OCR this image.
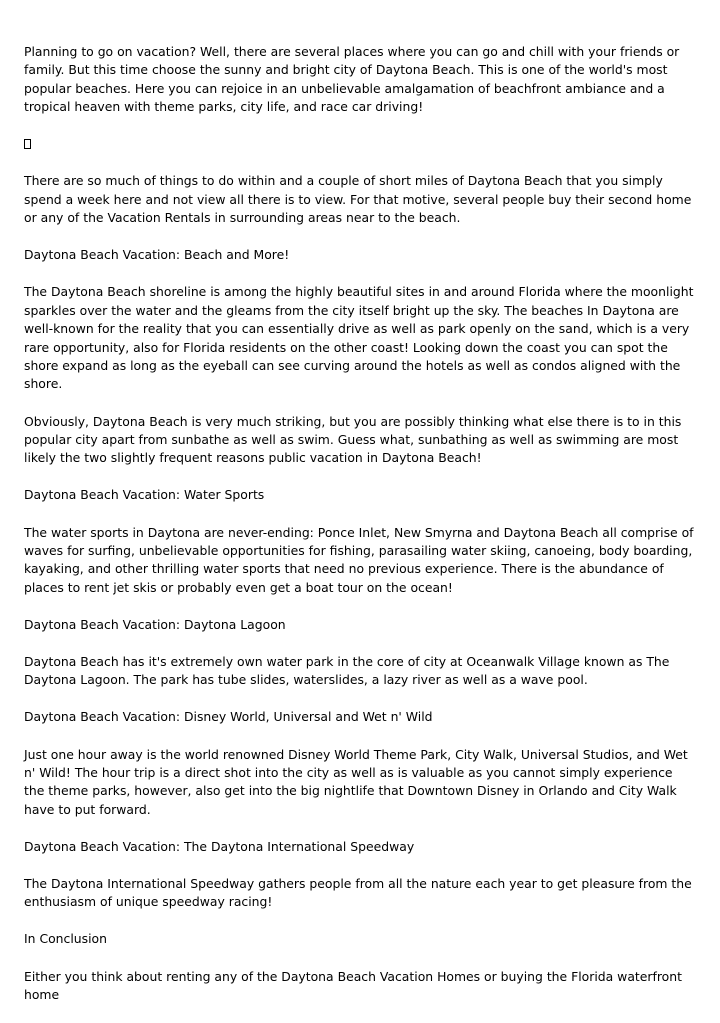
Planning to go on vacation? Well, there are several places where you can go and chill with your friends or family. But this time choose the sunny and bright city of Daytona Beach. This is one of the world's most popular beaches. Here you can rejoice in an unbelievable amalgamation of beachfront ambiance and a tropical heaven with theme parks, city life, and race car driving!

There are so much of things to do within and a couple of short miles of Daytona Beach that you simply spend a week here and not view all there is to view. For that motive, several people buy their second home or any of the Vacation Rentals in surrounding areas near to the beach.

Daytona Beach Vacation: Beach and More!

The Daytona Beach shoreline is among the highly beautiful sites in and around Florida where the moonlight sparkles over the water and the gleams from the city itself bright up the sky. The beaches In Daytona are well-known for the reality that you can essentially drive as well as park openly on the sand, which is a very rare opportunity, also for Florida residents on the other coast! Looking down the coast you can spot the shore expand as long as the eyeball can see curving around the hotels as well as condos aligned with the shore.

Obviously, Daytona Beach is very much striking, but you are possibly thinking what else there is to in this popular city apart from sunbathe as well as swim. Guess what, sunbathing as well as swimming are most likely the two slightly frequent reasons public vacation in Daytona Beach!

Daytona Beach Vacation: Water Sports

The water sports in Daytona are never-ending: Ponce Inlet, New Smyrna and Daytona Beach all comprise of waves for surfing, unbelievable opportunities for fishing, parasailing water skiing, canoeing, body boarding, kayaking, and other thrilling water sports that need no previous experience. There is the abundance of places to rent jet skis or probably even get a boat tour on the ocean!

Daytona Beach Vacation: Daytona Lagoon

Daytona Beach has it's extremely own water park in the core of city at Oceanwalk Village known as The Daytona Lagoon. The park has tube slides, waterslides, a lazy river as well as a wave pool.

Daytona Beach Vacation: Disney World, Universal and Wet n' Wild

Just one hour away is the world renowned Disney World Theme Park, City Walk, Universal Studios, and Wet n' Wild! The hour trip is a direct shot into the city as well as is valuable as you cannot simply experience the theme parks, however, also get into the big nightlife that Downtown Disney in Orlando and City Walk have to put forward.

Daytona Beach Vacation: The Daytona International Speedway

The Daytona International Speedway gathers people from all the nature each year to get pleasure from the enthusiasm of unique speedway racing!

In Conclusion

Either you think about renting any of the Daytona Beach Vacation Homes or buying the Florida waterfront home
